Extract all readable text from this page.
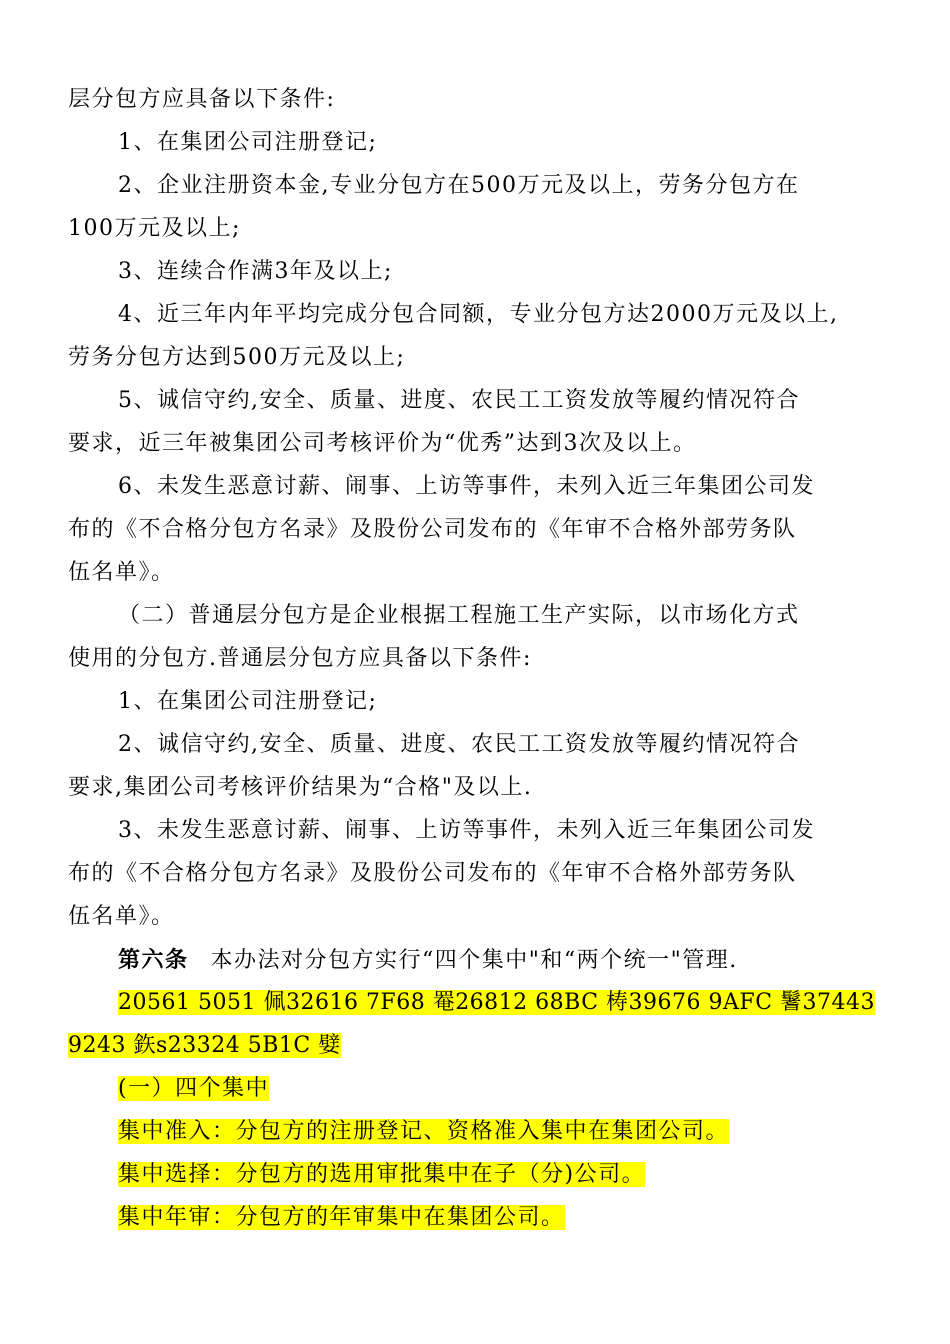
层分包方应具备以下条件:

1、在集团公司注册登记;

2、企业注册资本金,专业分包方在500万元及以上，劳务分包方在

100万元及以上;

3、连续合作满3年及以上;

4、近三年内年平均完成分包合同额，专业分包方达2000万元及以上,

劳务分包方达到500万元及以上;

5、诚信守约,安全、质量、进度、农民工工资发放等履约情况符合

要求，近三年被集团公司考核评价为“优秀”达到3次及以上。

6、未发生恶意讨薪、闹事、上访等事件，未列入近三年集团公司发

布的《不合格分包方名录》及股份公司发布的《年审不合格外部劳务队

伍名单》。

（二）普通层分包方是企业根据工程施工生产实际，以市场化方式

使用的分包方.普通层分包方应具备以下条件:

1、在集团公司注册登记;

2、诚信守约,安全、质量、进度、农民工工资发放等履约情况符合

要求,集团公司考核评价结果为“合格"及以上.

3、未发生恶意讨薪、闹事、上访等事件，未列入近三年集团公司发

布的《不合格分包方名录》及股份公司发布的《年审不合格外部劳务队

伍名单》。

第六条 本办法对分包方实行“四个集中"和“两个统一"管理.

20561 5051 佩32616 7F68 罨26812 68BC 梼39676 9AFC 鬐37443

9243 鉃s23324 5B1C 嬖

(一）四个集中

集中准入：分包方的注册登记、资格准入集中在集团公司。

集中选择：分包方的选用审批集中在子（分)公司。

集中年审：分包方的年审集中在集团公司。
